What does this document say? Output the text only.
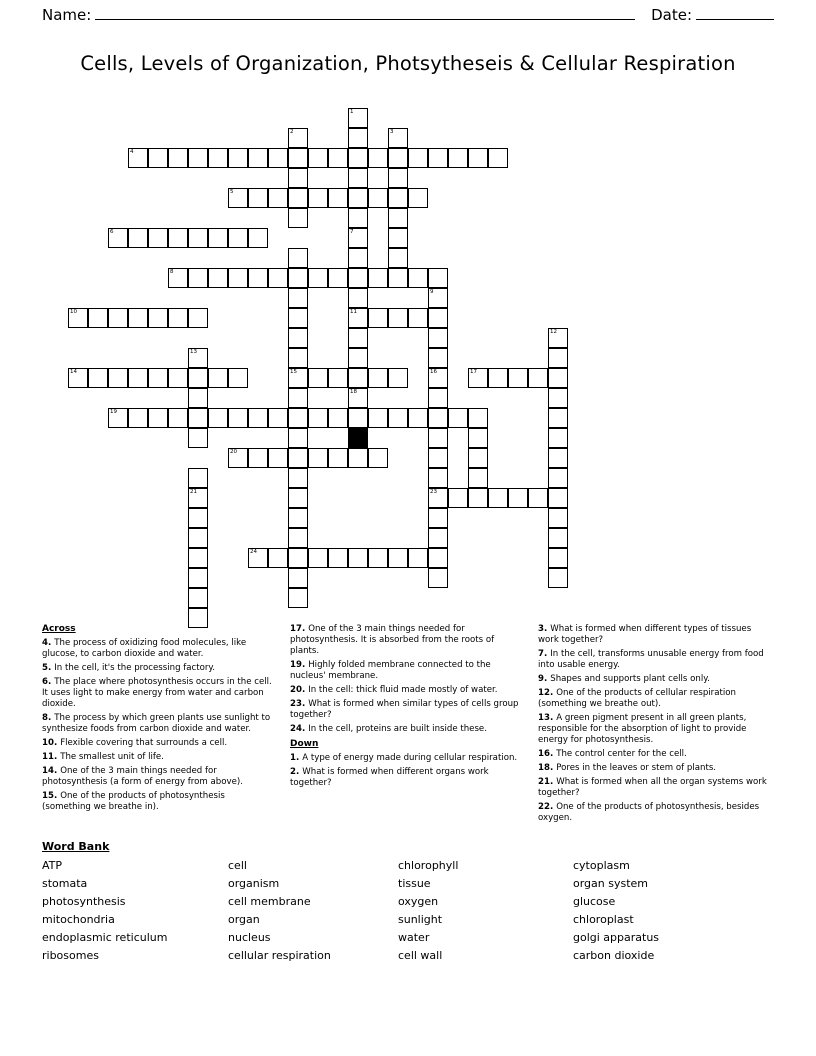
Name:	Date:
Cells, Levels of Organization, Photsytheseis & Cellular Respiration
1
2	3
4
5
6	7
8
9
10	11
12
13
14	15	16	17
18
19
20
21	23
24
Across
4. The process of oxidizing food molecules, like glucose, to carbon dioxide and water.
5. In the cell, it's the processing factory.
6. The place where photosynthesis occurs in the cell. It uses light to make energy from water and carbon dioxide.
8. The process by which green plants use sunlight to synthesize foods from carbon dioxide and water.
10. Flexible covering that surrounds a cell.
11. The smallest unit of life.
14. One of the 3 main things needed for photosynthesis (a form of energy from above).
15. One of the products of photosynthesis (something we breathe in).
17. One of the 3 main things needed for photosynthesis. It is absorbed from the roots of plants.
19. Highly folded membrane connected to the nucleus' membrane.
20. In the cell: thick fluid made mostly of water.
23. What is formed when similar types of cells group together?
24. In the cell, proteins are built inside these.
Down
1. A type of energy made during cellular respiration.
2. What is formed when different organs work together?
3. What is formed when different types of tissues work together?
7. In the cell, transforms unusable energy from food into usable energy.
9. Shapes and supports plant cells only.
12. One of the products of cellular respiration (something we breathe out).
13. A green pigment present in all green plants, responsible for the absorption of light to provide energy for photosynthesis.
16. The control center for the cell.
18. Pores in the leaves or stem of plants.
21. What is formed when all the organ systems work together?
22. One of the products of photosynthesis, besides oxygen.
Word Bank
ATP	cell	chlorophyll	cytoplasm
stomata	organism	tissue	organ system
photosynthesis	cell membrane	oxygen	glucose
mitochondria	organ	sunlight	chloroplast
endoplasmic reticulum	nucleus	water	golgi apparatus
ribosomes	cellular respiration	cell wall	carbon dioxide
